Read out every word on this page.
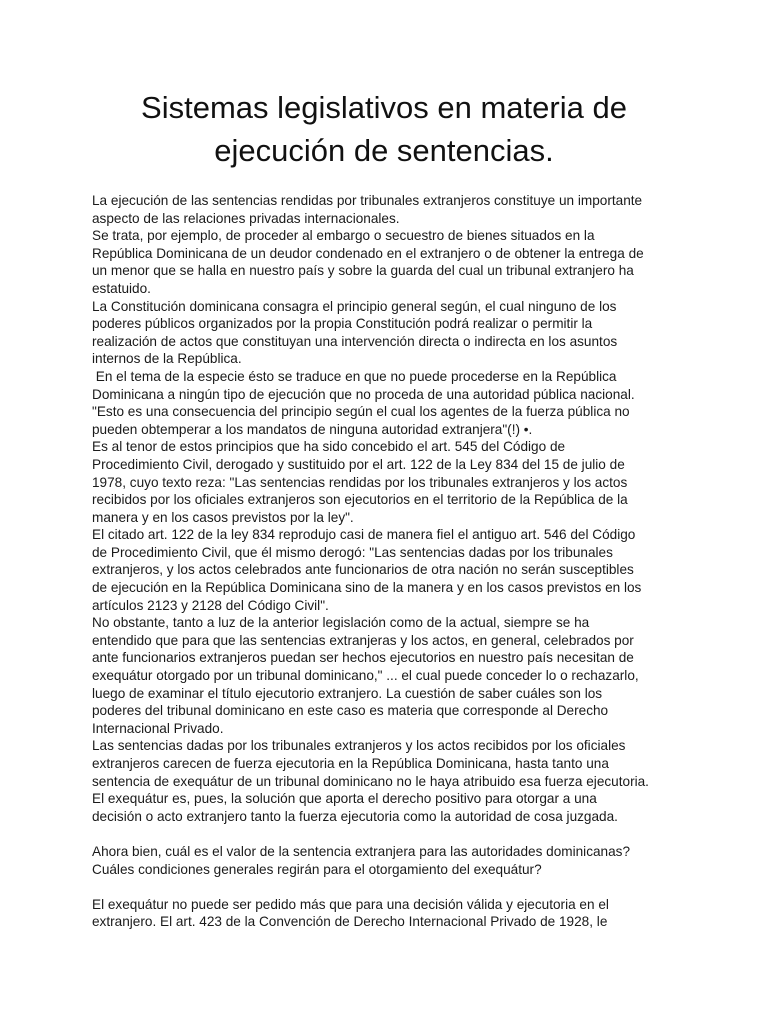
Sistemas legislativos en materia de
ejecución de sentencias.
La ejecución de las sentencias rendidas por tribunales extranjeros constituye un importante
aspecto de las relaciones privadas internacionales.
Se trata, por ejemplo, de proceder al embargo o secuestro de bienes situados en la
República Dominicana de un deudor condenado en el extranjero o de obtener la entrega de
un menor que se halla en nuestro país y sobre la guarda del cual un tribunal extranjero ha
estatuido.
La Constitución dominicana consagra el principio general según, el cual ninguno de los
poderes públicos organizados por la propia Constitución podrá realizar o permitir la
realización de actos que constituyan una intervención directa o indirecta en los asuntos
internos de la República.
En el tema de la especie ésto se traduce en que no puede procederse en la República
Dominicana a ningún tipo de ejecución que no proceda de una autoridad pública nacional.
"Esto es una consecuencia del principio según el cual los agentes de la fuerza pública no
pueden obtemperar a los mandatos de ninguna autoridad extranjera"(!) •.
Es al tenor de estos principios que ha sido concebido el art. 545 del Código de
Procedimiento Civil, derogado y sustituido por el art. 122 de la Ley 834 del 15 de julio de
1978, cuyo texto reza: "Las sentencias rendidas por los tribunales extranjeros y los actos
recibidos por los oficiales extranjeros son ejecutorios en el territorio de la República de la
manera y en los casos previstos por la ley".
El citado art. 122 de la ley 834 reprodujo casi de manera fiel el antiguo art. 546 del Código
de Procedimiento Civil, que él mismo derogó: "Las sentencias dadas por los tribunales
extranjeros, y los actos celebrados ante funcionarios de otra nación no serán susceptibles
de ejecución en la República Dominicana sino de la manera y en los casos previstos en los
artículos 2123 y 2128 del Código Civil".
No obstante, tanto a luz de la anterior legislación como de la actual, siempre se ha
entendido que para que las sentencias extranjeras y los actos, en general, celebrados por
ante funcionarios extranjeros puedan ser hechos ejecutorios en nuestro país necesitan de
exequátur otorgado por un tribunal dominicano," ... el cual puede conceder lo o rechazarlo,
luego de examinar el título ejecutorio extranjero. La cuestión de saber cuáles son los
poderes del tribunal dominicano en este caso es materia que corresponde al Derecho
Internacional Privado.
Las sentencias dadas por los tribunales extranjeros y los actos recibidos por los oficiales
extranjeros carecen de fuerza ejecutoria en la República Dominicana, hasta tanto una
sentencia de exequátur de un tribunal dominicano no le haya atribuido esa fuerza ejecutoria.
El exequátur es, pues, la solución que aporta el derecho positivo para otorgar a una
decisión o acto extranjero tanto la fuerza ejecutoria como la autoridad de cosa juzgada.
Ahora bien, cuál es el valor de la sentencia extranjera para las autoridades dominicanas?
Cuáles condiciones generales regirán para el otorgamiento del exequátur?
El exequátur no puede ser pedido más que para una decisión válida y ejecutoria en el
extranjero. El art. 423 de la Convención de Derecho Internacional Privado de 1928, le
